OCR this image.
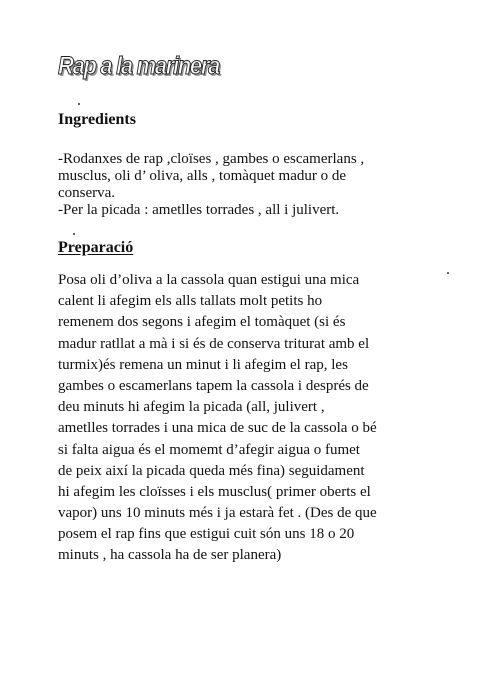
Rap a la marinera
Ingredients
-Rodanxes de rap ,cloïses , gambes o escamerlans ,
musclus, oli d’ oliva, alls , tomàquet madur o de
conserva.
-Per la picada : ametlles torrades , all i julivert.
Preparació
Posa oli d’oliva a la cassola quan estigui una mica
calent li afegim els alls tallats molt petits ho
remenem dos segons i afegim el tomàquet (si és
madur ratllat a mà i si és de conserva triturat amb el
turmix)és remena un minut i li afegim el rap, les
gambes o escamerlans tapem la cassola i després de
deu minuts hi afegim la picada (all, julivert ,
ametlles torrades i una mica de suc de la cassola o bé
si falta aigua és el momemt d’afegir aigua o fumet
de peix així la picada queda més fina) seguidament
hi afegim les cloïsses i els musclus( primer oberts el
vapor) uns 10 minuts més i ja estarà fet . (Des de que
posem el rap fins que estigui cuit són uns 18 o 20
minuts , ha cassola ha de ser planera)
